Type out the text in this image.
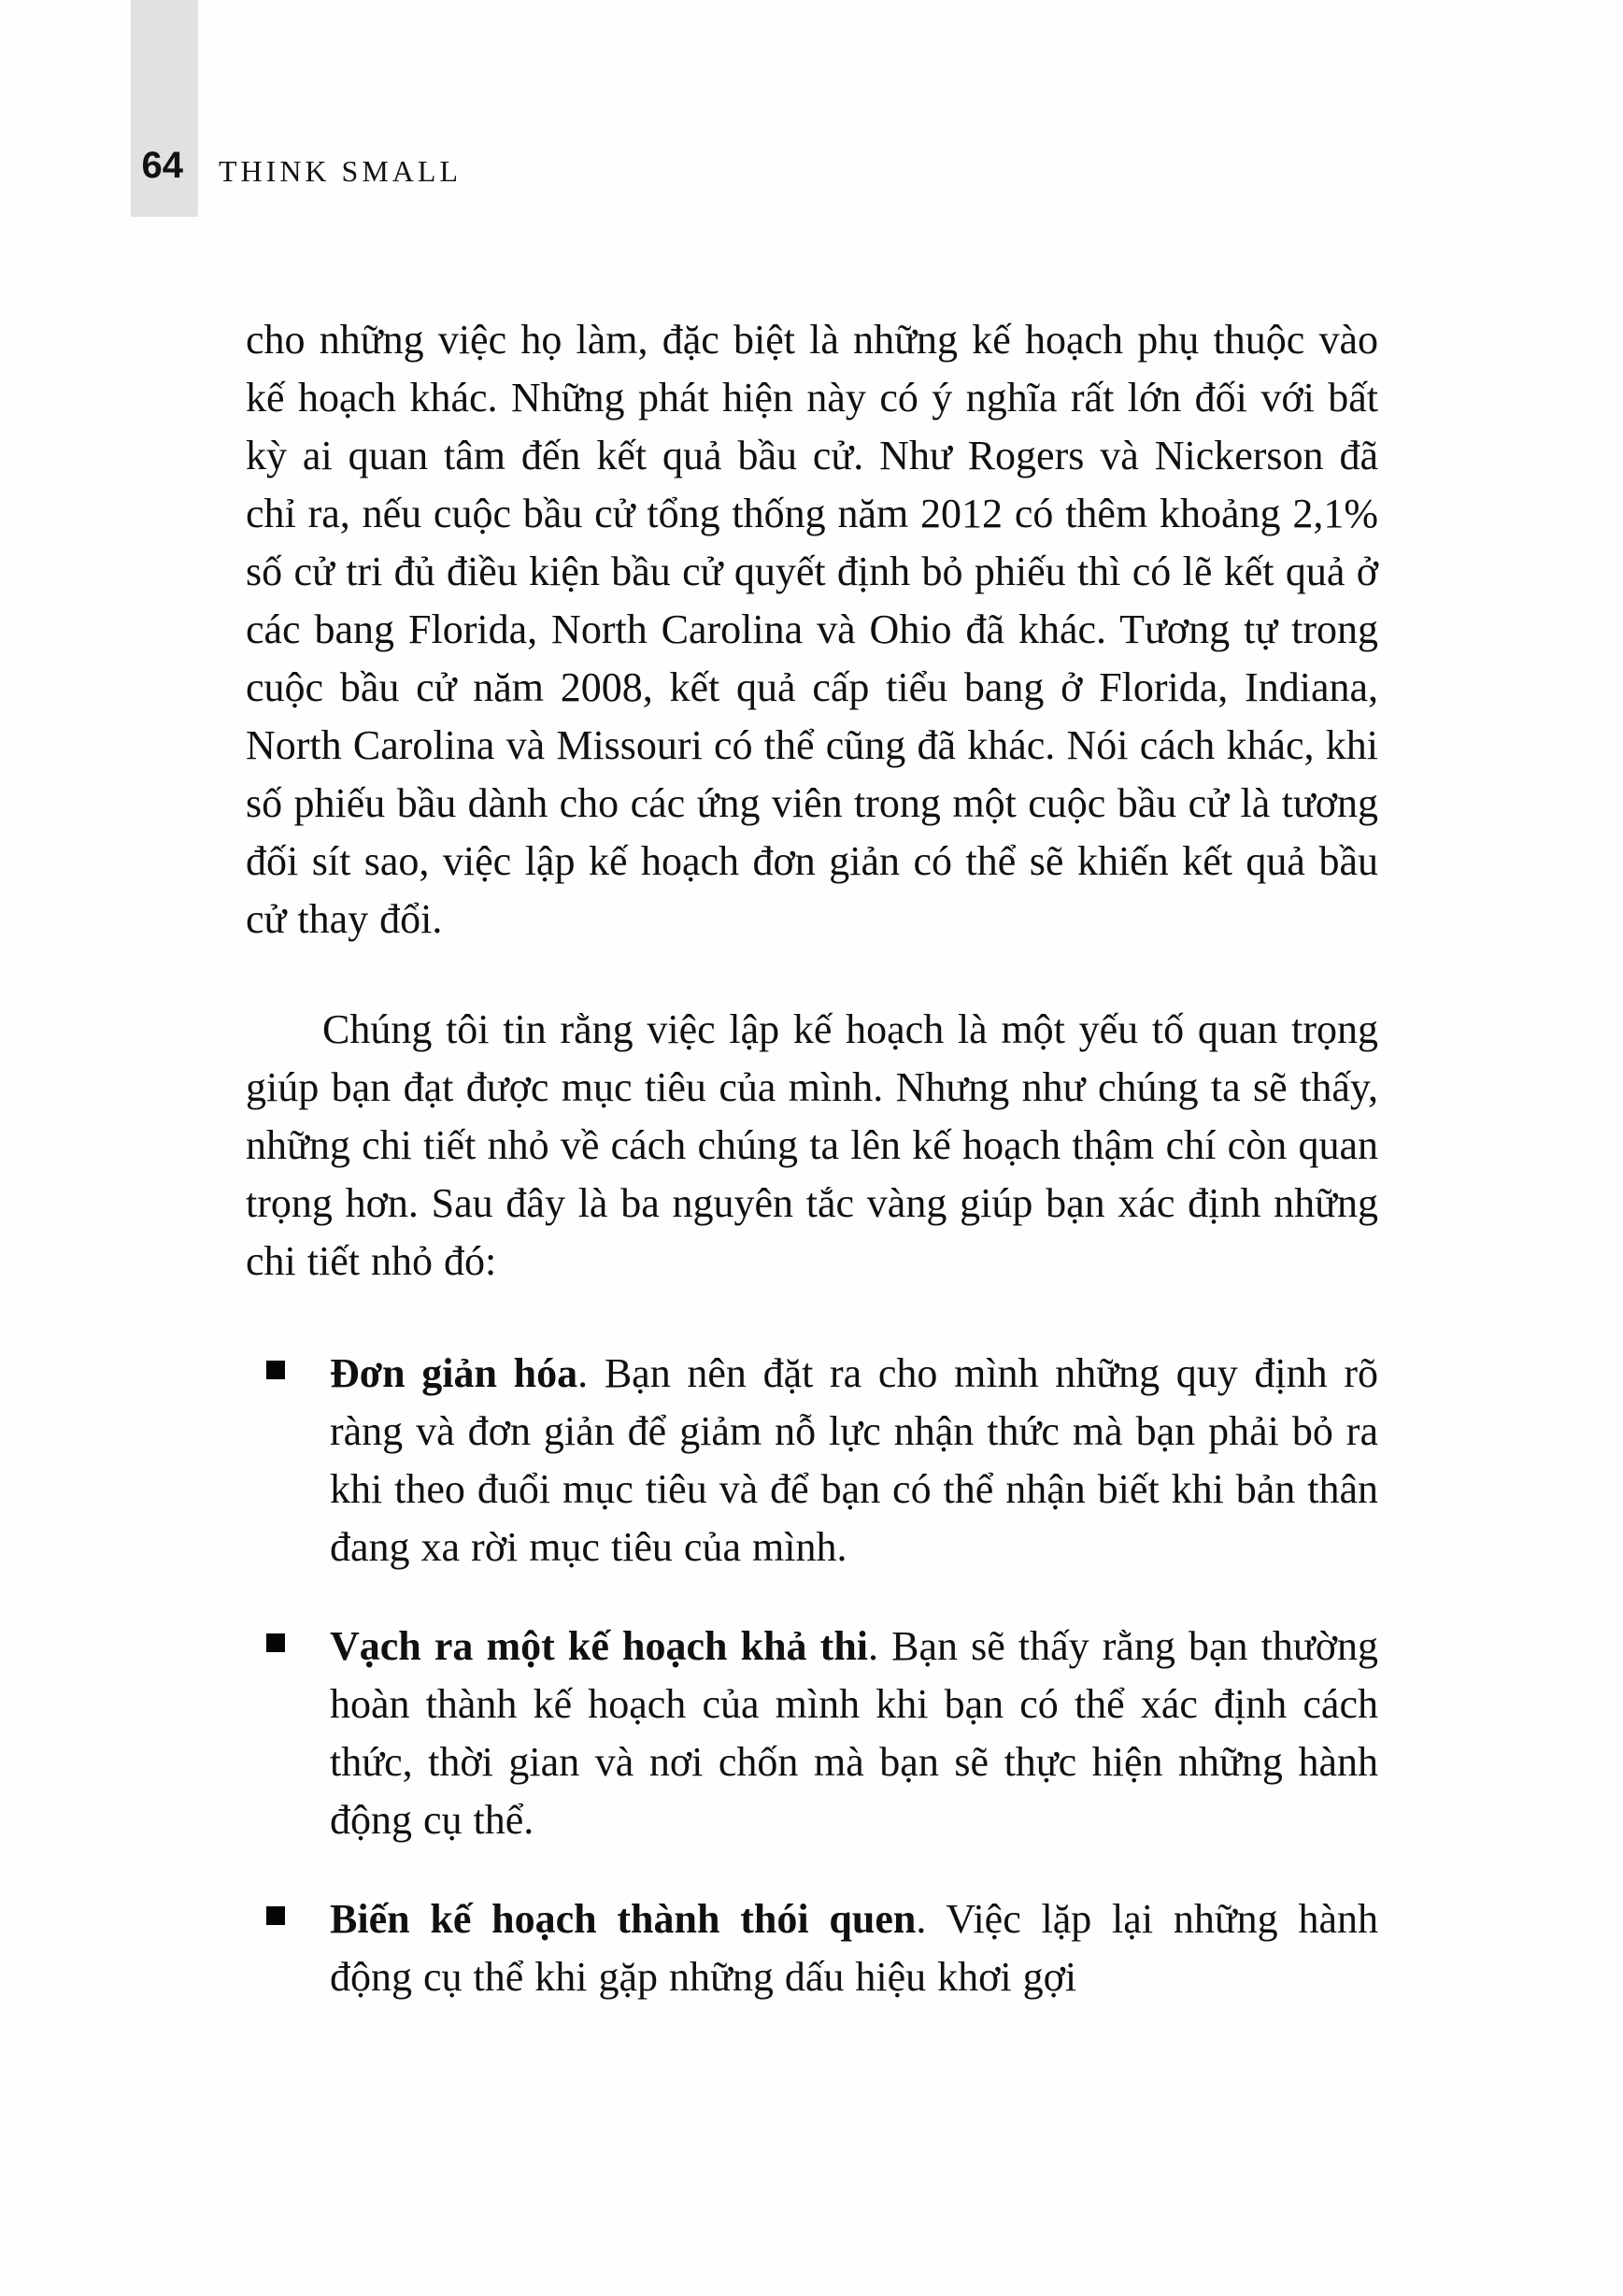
64 THINK SMALL

cho những việc họ làm, đặc biệt là những kế hoạch phụ thuộc vào kế hoạch khác. Những phát hiện này có ý nghĩa rất lớn đối với bất kỳ ai quan tâm đến kết quả bầu cử. Như Rogers và Nickerson đã chỉ ra, nếu cuộc bầu cử tổng thống năm 2012 có thêm khoảng 2,1% số cử tri đủ điều kiện bầu cử quyết định bỏ phiếu thì có lẽ kết quả ở các bang Florida, North Carolina và Ohio đã khác. Tương tự trong cuộc bầu cử năm 2008, kết quả cấp tiểu bang ở Florida, Indiana, North Carolina và Missouri có thể cũng đã khác. Nói cách khác, khi số phiếu bầu dành cho các ứng viên trong một cuộc bầu cử là tương đối sít sao, việc lập kế hoạch đơn giản có thể sẽ khiến kết quả bầu cử thay đổi.

Chúng tôi tin rằng việc lập kế hoạch là một yếu tố quan trọng giúp bạn đạt được mục tiêu của mình. Nhưng như chúng ta sẽ thấy, những chi tiết nhỏ về cách chúng ta lên kế hoạch thậm chí còn quan trọng hơn. Sau đây là ba nguyên tắc vàng giúp bạn xác định những chi tiết nhỏ đó:

Đơn giản hóa. Bạn nên đặt ra cho mình những quy định rõ ràng và đơn giản để giảm nỗ lực nhận thức mà bạn phải bỏ ra khi theo đuổi mục tiêu và để bạn có thể nhận biết khi bản thân đang xa rời mục tiêu của mình.
Vạch ra một kế hoạch khả thi. Bạn sẽ thấy rằng bạn thường hoàn thành kế hoạch của mình khi bạn có thể xác định cách thức, thời gian và nơi chốn mà bạn sẽ thực hiện những hành động cụ thể.
Biến kế hoạch thành thói quen. Việc lặp lại những hành động cụ thể khi gặp những dấu hiệu khơi gợi
